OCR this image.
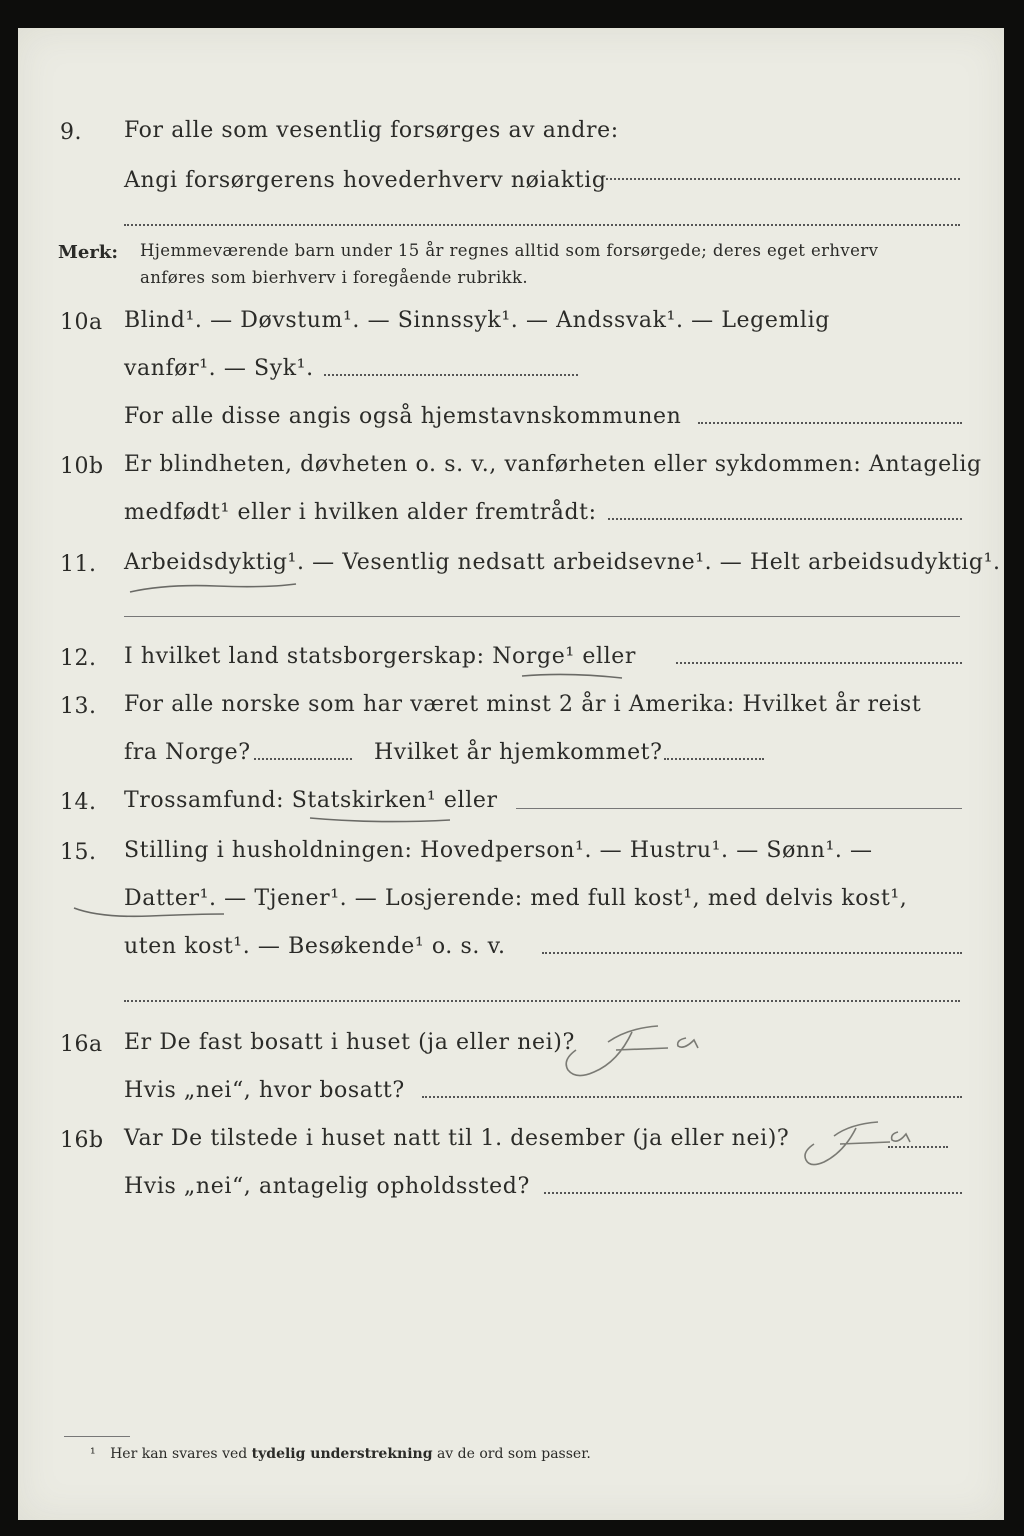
9. For alle som vesentlig forsørges av andre:
Angi forsørgerens hovederhverv nøiaktig
Merk: Hjemmeværende barn under 15 år regnes alltid som forsørgede; deres eget erhverv
anføres som bierhverv i foregående rubrikk.
10a Blind¹. — Døvstum¹. — Sinnssyk¹. — Andssvak¹. — Legemlig
vanfør¹. — Syk¹.
For alle disse angis også hjemstavnskommunen
10b Er blindheten, døvheten o. s. v., vanførheten eller sykdommen: Antagelig
medfødt¹ eller i hvilken alder fremtrådt:
11. Arbeidsdyktig¹. — Vesentlig nedsatt arbeidsevne¹. — Helt arbeidsudyktig¹.
12. I hvilket land statsborgerskap: Norge¹ eller
13. For alle norske som har været minst 2 år i Amerika: Hvilket år reist
fra Norge?	Hvilket år hjemkommet?
14. Trossamfund: Statskirken¹ eller
15. Stilling i husholdningen: Hovedperson¹. — Hustru¹. — Sønn¹. —
Datter¹. — Tjener¹. — Losjerende: med full kost¹, med delvis kost¹,
uten kost¹. — Besøkende¹ o. s. v.
16a Er De fast bosatt i huset (ja eller nei)?
Hvis „nei“, hvor bosatt?
16b Var De tilstede i huset natt til 1. desember (ja eller nei)?
Hvis „nei“, antagelig opholdssted?
¹ Her kan svares ved tydelig understrekning av de ord som passer.
